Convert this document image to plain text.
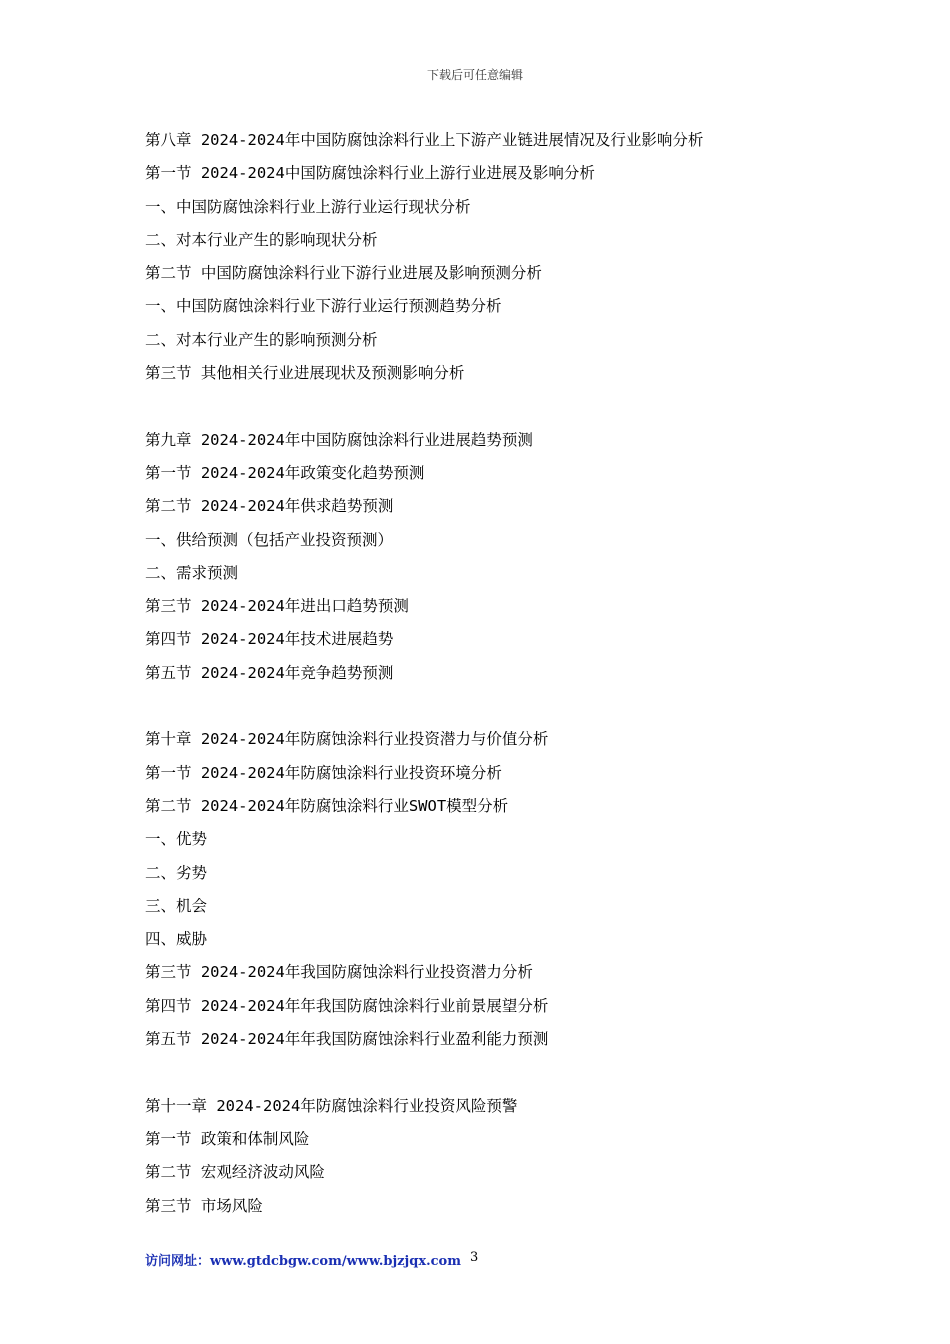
下载后可任意编辑
第八章 2024-2024年中国防腐蚀涂料行业上下游产业链进展情况及行业影响分析
第一节 2024-2024中国防腐蚀涂料行业上游行业进展及影响分析
一、中国防腐蚀涂料行业上游行业运行现状分析
二、对本行业产生的影响现状分析
第二节 中国防腐蚀涂料行业下游行业进展及影响预测分析
一、中国防腐蚀涂料行业下游行业运行预测趋势分析
二、对本行业产生的影响预测分析
第三节 其他相关行业进展现状及预测影响分析
第九章 2024-2024年中国防腐蚀涂料行业进展趋势预测
第一节 2024-2024年政策变化趋势预测
第二节 2024-2024年供求趋势预测
一、供给预测（包括产业投资预测）
二、需求预测
第三节 2024-2024年进出口趋势预测
第四节 2024-2024年技术进展趋势
第五节 2024-2024年竞争趋势预测
第十章 2024-2024年防腐蚀涂料行业投资潜力与价值分析
第一节 2024-2024年防腐蚀涂料行业投资环境分析
第二节 2024-2024年防腐蚀涂料行业SWOT模型分析
一、优势
二、劣势
三、机会
四、威胁
第三节 2024-2024年我国防腐蚀涂料行业投资潜力分析
第四节 2024-2024年年我国防腐蚀涂料行业前景展望分析
第五节 2024-2024年年我国防腐蚀涂料行业盈利能力预测
第十一章 2024-2024年防腐蚀涂料行业投资风险预警
第一节 政策和体制风险
第二节 宏观经济波动风险
第三节 市场风险
访问网址：www.gtdcbgw.com/www.bjzjqx.com 3
